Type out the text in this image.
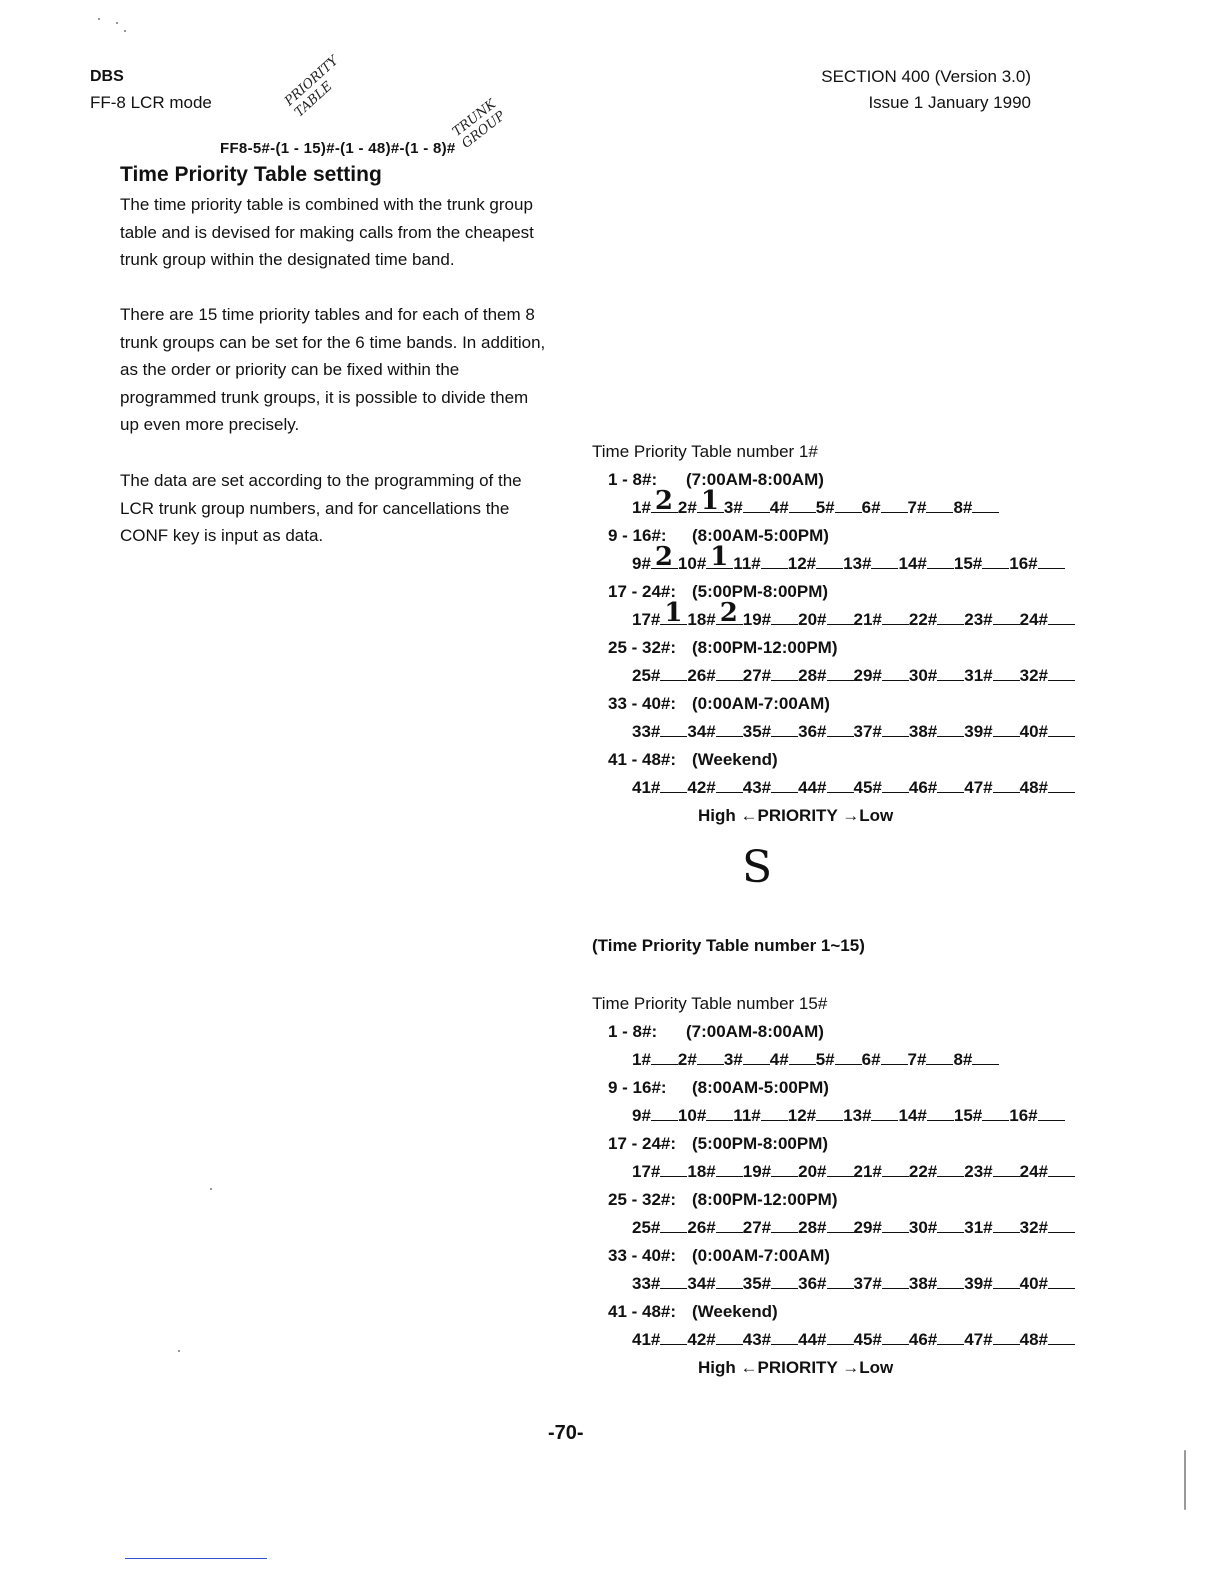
DBS
FF-8 LCR mode
SECTION 400 (Version 3.0)
Issue 1 January 1990
PRIORITY TABLE	TRUNK GROUP
FF8-5#-(1 - 15)#-(1 - 48)#-(1 - 8)#
Time Priority Table setting

The time priority table is combined with the trunk group table and is devised for making calls from the cheapest trunk group within the designated time band.

There are 15 time priority tables and for each of them 8 trunk groups can be set for the 6 time bands. In addition, as the order or priority can be fixed within the programmed trunk groups, it is possible to divide them up even more precisely.

The data are set according to the programming of the LCR trunk group numbers, and for cancellations the CONF key is input as data.

Time Priority Table number 1#
1 - 8#: (7:00AM-8:00AM)
1# 2 2# 1 3# 4# 5# 6# 7# 8#
9 - 16#: (8:00AM-5:00PM)
9# 2 10# 1 11# 12# 13# 14# 15# 16#
17 - 24#: (5:00PM-8:00PM)
17# 1 18# 2 19# 20# 21# 22# 23# 24#
25 - 32#: (8:00PM-12:00PM)
25# 26# 27# 28# 29# 30# 31# 32#
33 - 40#: (0:00AM-7:00AM)
33# 34# 35# 36# 37# 38# 39# 40#
41 - 48#: (Weekend)
41# 42# 43# 44# 45# 46# 47# 48#
High ←PRIORITY →Low
S
(Time Priority Table number 1~15)
Time Priority Table number 15#
1 - 8#: (7:00AM-8:00AM)
1# 2# 3# 4# 5# 6# 7# 8#
9 - 16#: (8:00AM-5:00PM)
9# 10# 11# 12# 13# 14# 15# 16#
17 - 24#: (5:00PM-8:00PM)
17# 18# 19# 20# 21# 22# 23# 24#
25 - 32#: (8:00PM-12:00PM)
25# 26# 27# 28# 29# 30# 31# 32#
33 - 40#: (0:00AM-7:00AM)
33# 34# 35# 36# 37# 38# 39# 40#
41 - 48#: (Weekend)
41# 42# 43# 44# 45# 46# 47# 48#
High ←PRIORITY →Low
-70-
